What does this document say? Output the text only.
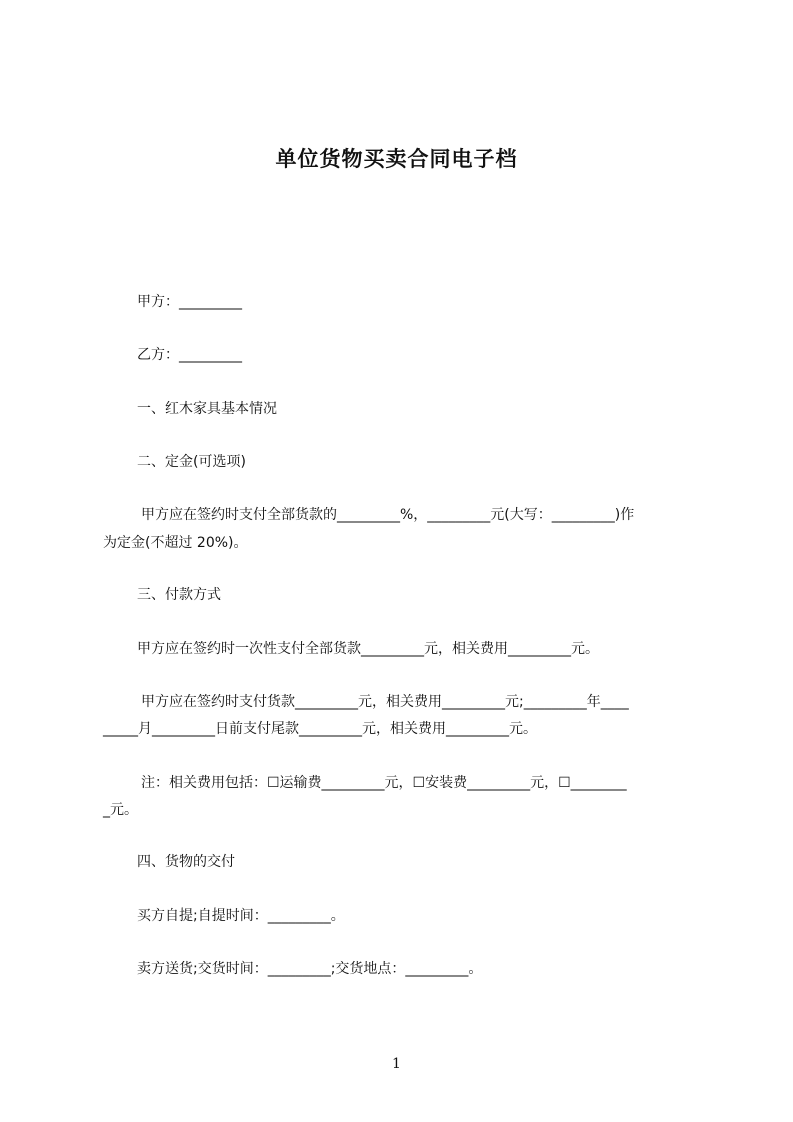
单位货物买卖合同电子档
甲方：_________
乙方：_________
一、红木家具基本情况
二、定金(可选项)
甲方应在签约时支付全部货款的_________%，_________元(大写：_________)作
为定金(不超过 20%)。
三、付款方式
甲方应在签约时一次性支付全部货款_________元，相关费用_________元。
甲方应在签约时支付货款_________元，相关费用_________元;_________年____
_____月_________日前支付尾款_________元，相关费用_________元。
注：相关费用包括：☐运输费_________元，☐安装费_________元，☐________
_元。
四、货物的交付
买方自提;自提时间：_________。
卖方送货;交货时间：_________;交货地点：_________。
1
